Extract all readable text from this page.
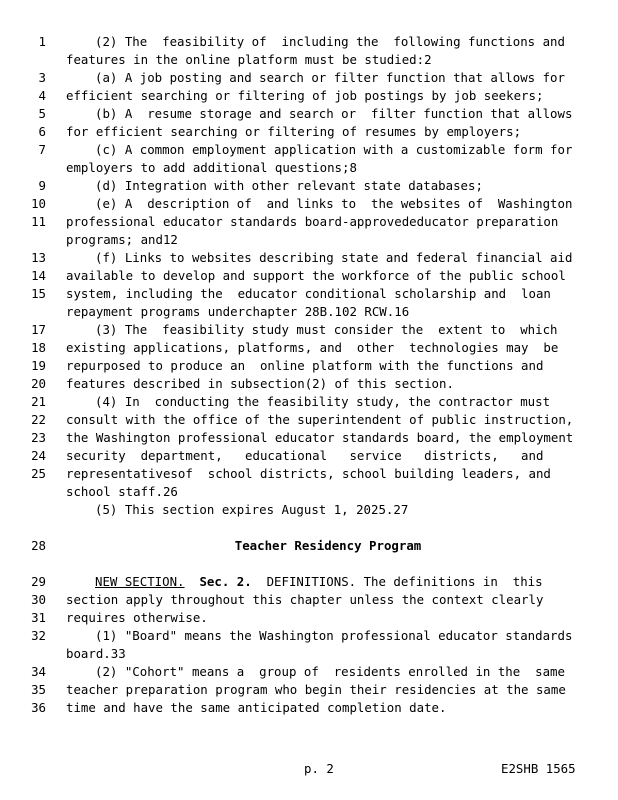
1	(2) The  feasibility of  including the  following functions and
features in the online platform must be studied:2
3	(a) A job posting and search or filter function that allows for
4 efficient searching or filtering of job postings by job seekers;
5	(b) A  resume storage and search or  filter function that allows
6 for efficient searching or filtering of resumes by employers;
7	(c) A common employment application with a customizable form for
employers to add additional questions;8
9	(d) Integration with other relevant state databases;
10	(e) A  description of  and links to  the websites of  Washington
11 professional educator standards board-approvededucator preparation
programs; and12
13	(f) Links to websites describing state and federal financial aid
14 available to develop and support the workforce of the public school
15 system, including the  educator conditional scholarship and  loan
repayment programs underchapter 28B.102 RCW.16
17	(3) The  feasibility study must consider the  extent to  which
18 existing applications, platforms, and  other  technologies may  be
19 repurposed to produce an  online platform with the functions and
20 features described in subsection(2) of this section.
21	(4) In  conducting the feasibility study, the contractor must
22 consult with the office of the superintendent of public instruction,
23 the Washington professional educator standards board, the employment
24 security  department,   educational   service   districts,   and
25 representativesof  school districts, school building leaders, and
school staff.26
(5) This section expires August 1, 2025.27
28	Teacher Residency Program
29	NEW SECTION. Sec. 2. DEFINITIONS. The definitions in  this
30 section apply throughout this chapter unless the context clearly
31 requires otherwise.
32	(1) "Board" means the Washington professional educator standards
board.33
34	(2) "Cohort" means a  group of  residents enrolled in the  same
35 teacher preparation program who begin their residencies at the same
36 time and have the same anticipated completion date.
p. 2	E2SHB 1565
